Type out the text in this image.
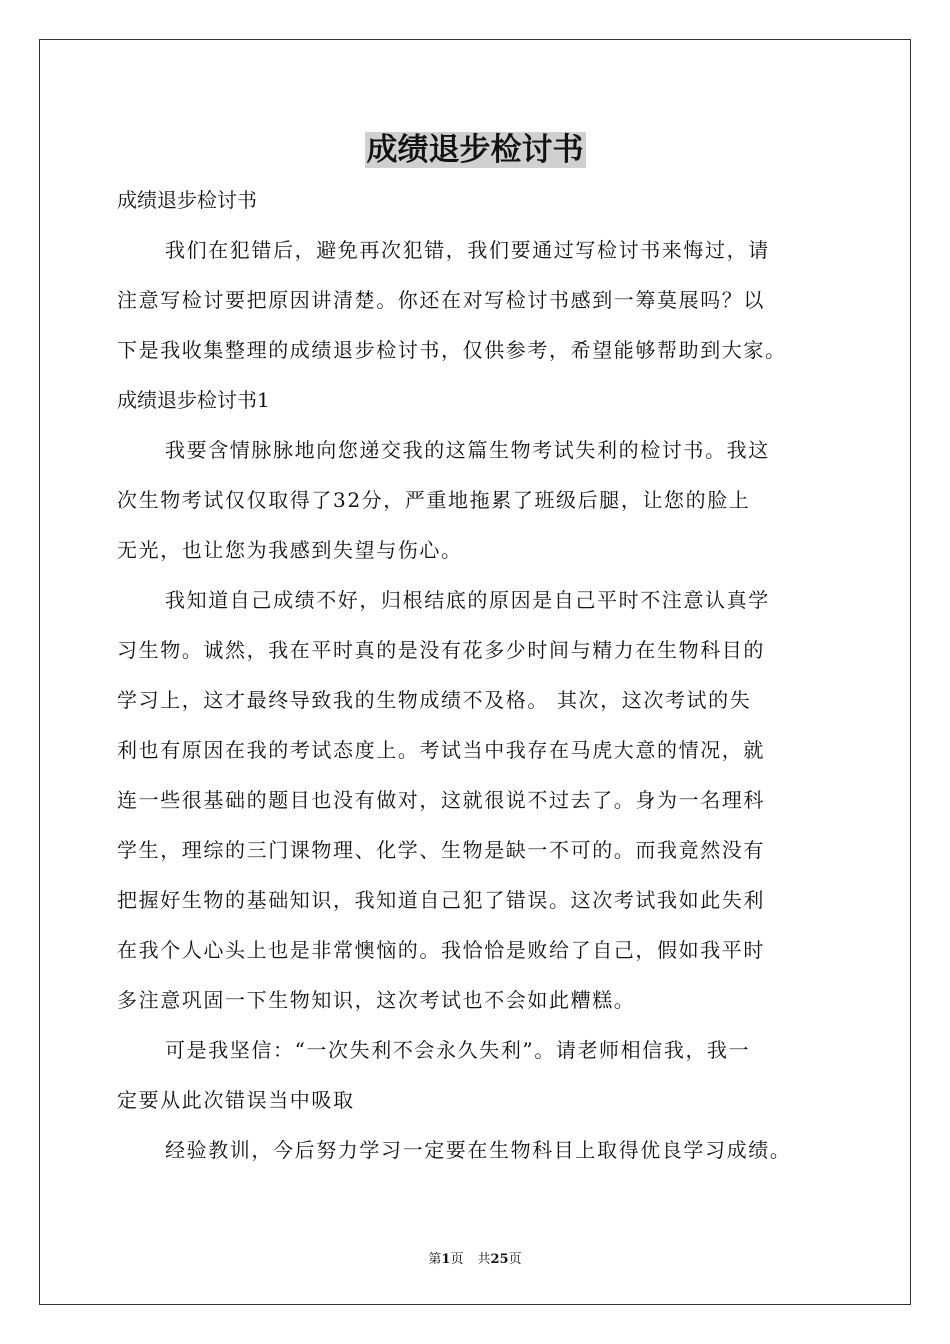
成绩退步检讨书
成绩退步检讨书
我们在犯错后，避免再次犯错，我们要通过写检讨书来悔过，请
注意写检讨要把原因讲清楚。你还在对写检讨书感到一筹莫展吗？以
下是我收集整理的成绩退步检讨书，仅供参考，希望能够帮助到大家。
成绩退步检讨书1
我要含情脉脉地向您递交我的这篇生物考试失利的检讨书。我这
次生物考试仅仅取得了32分，严重地拖累了班级后腿，让您的脸上
无光，也让您为我感到失望与伤心。
我知道自己成绩不好，归根结底的原因是自己平时不注意认真学
习生物。诚然，我在平时真的是没有花多少时间与精力在生物科目的
学习上，这才最终导致我的生物成绩不及格。 其次，这次考试的失
利也有原因在我的考试态度上。考试当中我存在马虎大意的情况，就
连一些很基础的题目也没有做对，这就很说不过去了。身为一名理科
学生，理综的三门课物理、化学、生物是缺一不可的。而我竟然没有
把握好生物的基础知识，我知道自己犯了错误。这次考试我如此失利
在我个人心头上也是非常懊恼的。我恰恰是败给了自己，假如我平时
多注意巩固一下生物知识，这次考试也不会如此糟糕。
可是我坚信：“一次失利不会永久失利”。请老师相信我，我一
定要从此次错误当中吸取
经验教训，今后努力学习一定要在生物科目上取得优良学习成绩。
第1页 共25页
